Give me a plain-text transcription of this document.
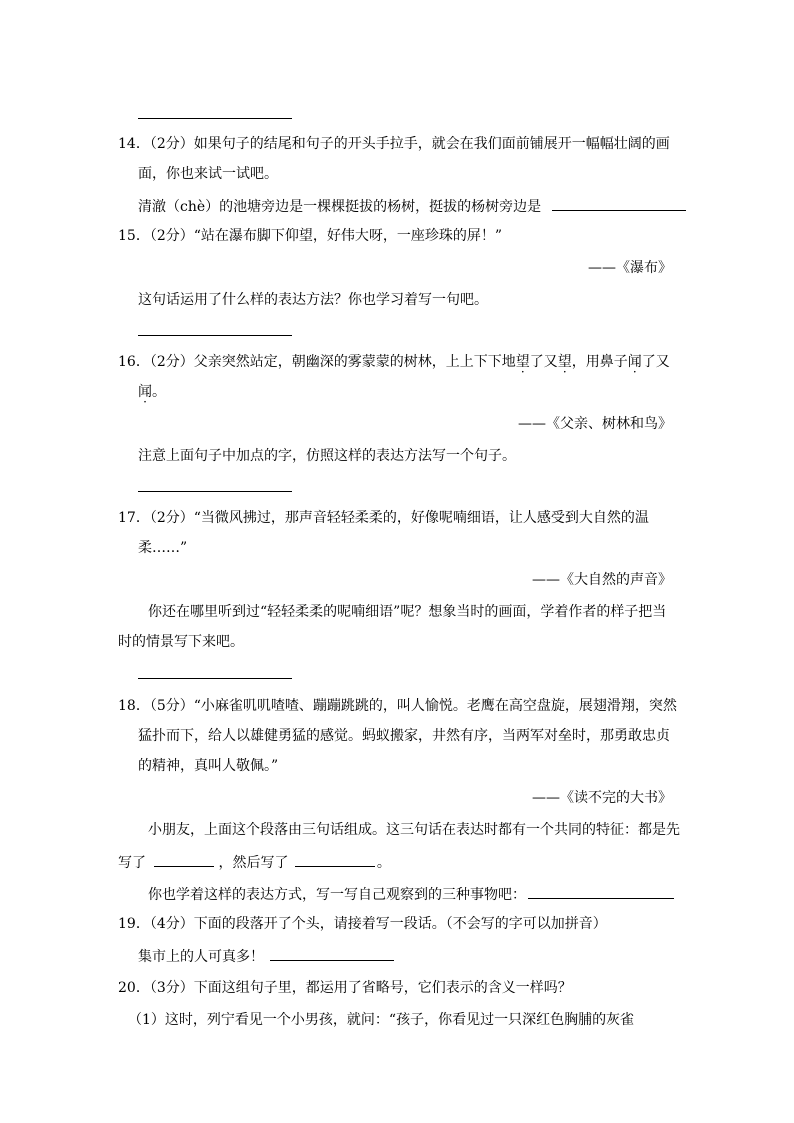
14．（2分）如果句子的结尾和句子的开头手拉手，就会在我们面前铺展开一幅幅壮阔的画
面，你也来试一试吧。
清澈（chè）的池塘旁边是一棵棵挺拔的杨树，挺拔的杨树旁边是
15．（2分）“站在瀑布脚下仰望，好伟大呀，一座珍珠的屏！”
——《瀑布》
这句话运用了什么样的表达方法？你也学习着写一句吧。
16．（2分）父亲突然站定，朝幽深的雾蒙蒙的树林，上上下下地望了又望，用鼻子闻了又
闻。
——《父亲、树林和鸟》
注意上面句子中加点的字，仿照这样的表达方法写一个句子。
17．（2分）“当微风拂过，那声音轻轻柔柔的，好像呢喃细语，让人感受到大自然的温
柔……”
——《大自然的声音》
你还在哪里听到过“轻轻柔柔的呢喃细语”呢？想象当时的画面，学着作者的样子把当
时的情景写下来吧。
18．（5分）“小麻雀叽叽喳喳、蹦蹦跳跳的，叫人愉悦。老鹰在高空盘旋，展翅滑翔，突然
猛扑而下，给人以雄健勇猛的感觉。蚂蚁搬家，井然有序，当两军对垒时，那勇敢忠贞
的精神，真叫人敬佩。”
——《读不完的大书》
小朋友，上面这个段落由三句话组成。这三句话在表达时都有一个共同的特征：都是先
写了	，然后写了	。
你也学着这样的表达方式，写一写自己观察到的三种事物吧：
19．（4分）下面的段落开了个头，请接着写一段话。（不会写的字可以加拼音）
集市上的人可真多！
20．（3分）下面这组句子里，都运用了省略号，它们表示的含义一样吗？
（1）这时，列宁看见一个小男孩，就问：“孩子，你看见过一只深红色胸脯的灰雀
